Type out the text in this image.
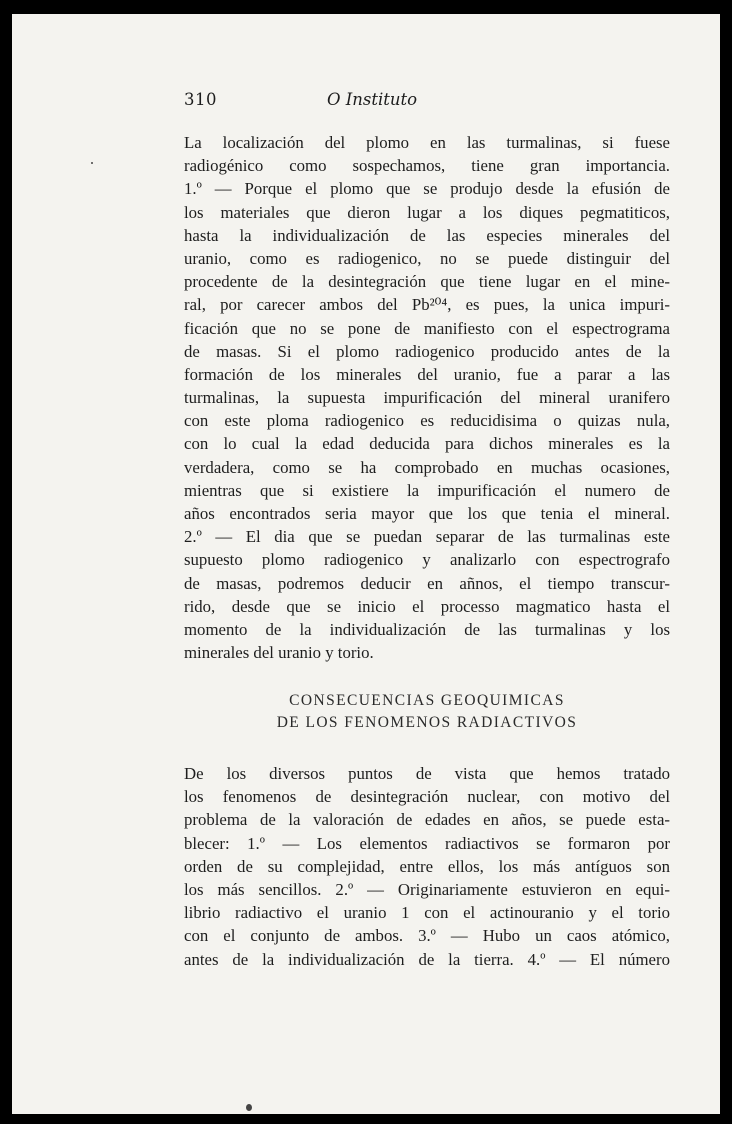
310	O Instituto
La localización del plomo en las turmalinas, si fuese
radiogénico como sospechamos, tiene gran importancia.
1.º — Porque el plomo que se produjo desde la efusión de
los materiales que dieron lugar a los diques pegmatiticos,
hasta la individualización de las especies minerales del
uranio, como es radiogenico, no se puede distinguir del
procedente de la desintegración que tiene lugar en el mine-
ral, por carecer ambos del Pb²⁰⁴, es pues, la unica impuri-
ficación que no se pone de manifiesto con el espectrograma
de masas. Si el plomo radiogenico producido antes de la
formación de los minerales del uranio, fue a parar a las
turmalinas, la supuesta impurificación del mineral uranifero
con este ploma radiogenico es reducidisima o quizas nula,
con lo cual la edad deducida para dichos minerales es la
verdadera, como se ha comprobado en muchas ocasiones,
mientras que si existiere la impurificación el numero de
años encontrados seria mayor que los que tenia el mineral.
2.º — El dia que se puedan separar de las turmalinas este
supuesto plomo radiogenico y analizarlo con espectrografo
de masas, podremos deducir en añnos, el tiempo transcur-
rido, desde que se inicio el processo magmatico hasta el
momento de la individualización de las turmalinas y los
minerales del uranio y torio.
CONSECUENCIAS GEOQUIMICAS
DE LOS FENOMENOS RADIACTIVOS
De los diversos puntos de vista que hemos tratado
los fenomenos de desintegración nuclear, con motivo del
problema de la valoración de edades en años, se puede esta-
blecer: 1.º — Los elementos radiactivos se formaron por
orden de su complejidad, entre ellos, los más antíguos son
los más sencillos. 2.º — Originariamente estuvieron en equi-
librio radiactivo el uranio 1 con el actinouranio y el torio
con el conjunto de ambos. 3.º — Hubo un caos atómico,
antes de la individualización de la tierra. 4.º — El número
